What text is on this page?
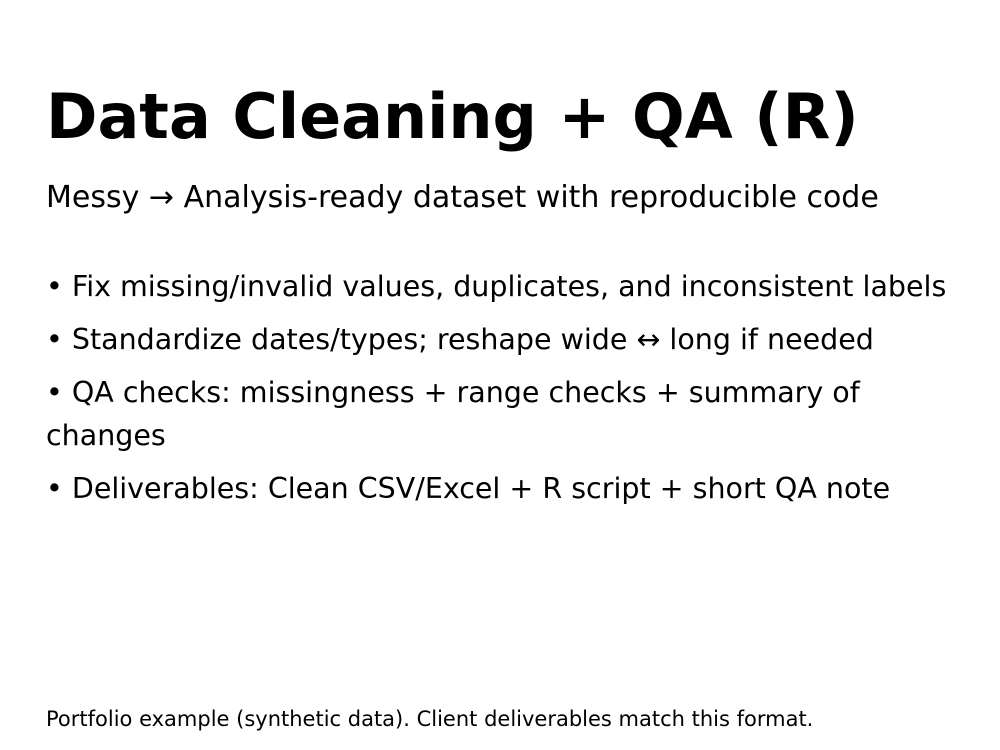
Data Cleaning + QA (R)

Messy → Analysis-ready dataset with reproducible code

• Fix missing/invalid values, duplicates, and inconsistent labels
• Standardize dates/types; reshape wide ↔ long if needed
• QA checks: missingness + range checks + summary of changes
• Deliverables: Clean CSV/Excel + R script + short QA note

Portfolio example (synthetic data). Client deliverables match this format.
